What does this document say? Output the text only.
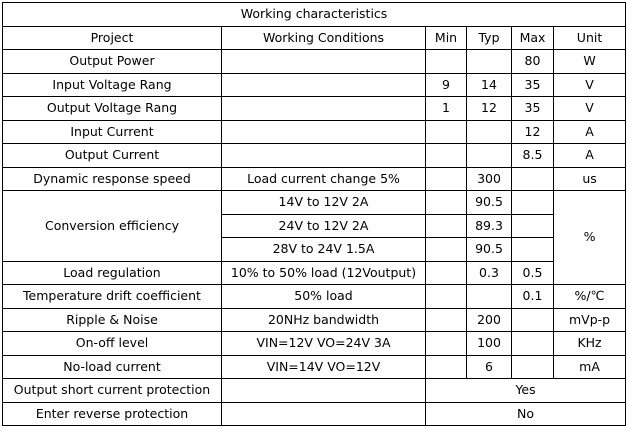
Working characteristics					
Project	Working Conditions	Min	Typ	Max	Unit
Output Power				80	W
Input Voltage Rang		9	14	35	V
Output Voltage Rang		1	12	35	V
Input Current				12	A
Output Current				8.5	A
Dynamic response speed	Load current change 5%		300		us
Conversion efficiency	14V to 12V 2A		90.5		%
	24V to 12V 2A		89.3		
	28V to 24V 1.5A		90.5		
Load regulation	10% to 50% load (12Voutput)		0.3	0.5	
Temperature drift coefficient	50% load			0.1	%/℃
Ripple & Noise	20NHz bandwidth		200		mVp-p
On-off level	VIN=12V VO=24V 3A		100		KHz
No-load current	VIN=14V VO=12V		6		mA
Output short current protection		Yes			
Enter reverse protection		No			
